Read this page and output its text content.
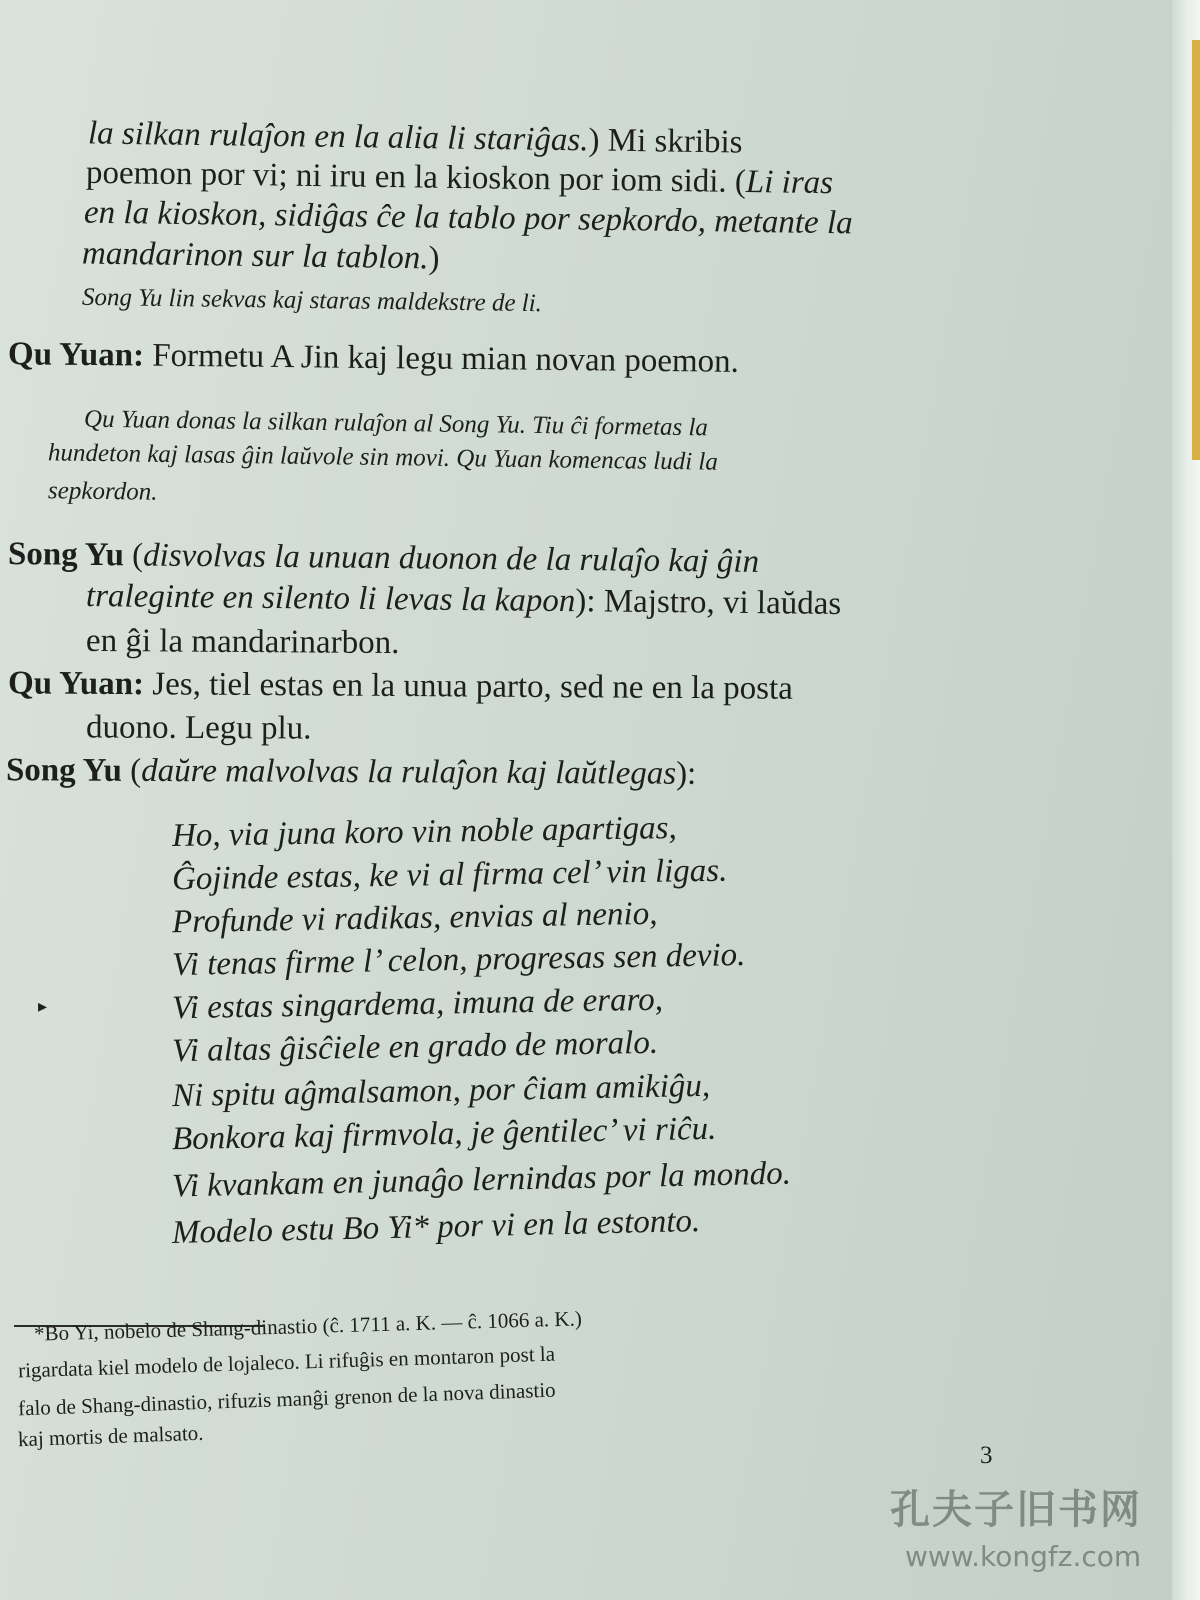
la silkan rulaĵon en la alia li stariĝas.) Mi skribis

poemon por vi; ni iru en la kioskon por iom sidi. (Li iras

en la kioskon, sidiĝas ĉe la tablo por sepkordo, metante la

mandarinon sur la tablon.)

Song Yu lin sekvas kaj staras maldekstre de li.

Qu Yuan: Formetu A Jin kaj legu mian novan poemon.

Qu Yuan donas la silkan rulaĵon al Song Yu. Tiu ĉi formetas la

hundeton kaj lasas ĝin laŭvole sin movi. Qu Yuan komencas ludi la

sepkordon.

Song Yu (disvolvas la unuan duonon de la rulaĵo kaj ĝin

traleginte en silento li levas la kapon): Majstro, vi laŭdas

en ĝi la mandarinarbon.

Qu Yuan: Jes, tiel estas en la unua parto, sed ne en la posta

duono. Legu plu.

Song Yu (daŭre malvolvas la rulaĵon kaj laŭtlegas):

Ho, via juna koro vin noble apartigas,

Ĝojinde estas, ke vi al firma cel’ vin ligas.

Profunde vi radikas, envias al nenio,

Vi tenas firme l’ celon, progresas sen devio.

Vi estas singardema, imuna de eraro,

Vi altas ĝisĉiele en grado de moralo.

Ni spitu aĝmalsamon, por ĉiam amikiĝu,

Bonkora kaj firmvola, je ĝentilec’ vi riĉu.

Vi kvankam en junaĝo lernindas por la mondo.

Modelo estu Bo Yi* por vi en la estonto.

▸

*Bo Yi, nobelo de Shang-dinastio (ĉ. 1711 a. K. — ĉ. 1066 a. K.)

rigardata kiel modelo de lojaleco. Li rifuĝis en montaron post la

falo de Shang-dinastio, rifuzis manĝi grenon de la nova dinastio

kaj mortis de malsato.

3
孔夫子旧书网
www.kongfz.com
